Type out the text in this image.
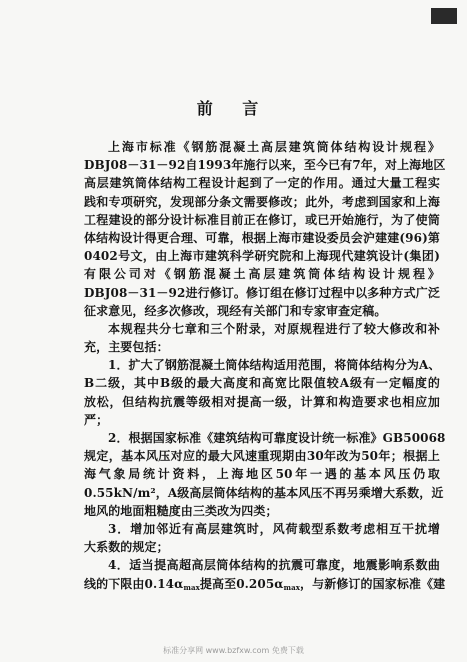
前 言
上海市标准《钢筋混凝土高层建筑筒体结构设计规程》
DBJ08－31－92自1993年施行以来，至今已有7年，对上海地区
高层建筑筒体结构工程设计起到了一定的作用。通过大量工程实
践和专项研究，发现部分条文需要修改；此外，考虑到国家和上海
工程建设的部分设计标准目前正在修订，或已开始施行，为了使筒
体结构设计得更合理、可靠，根据上海市建设委员会沪建建(96)第
0402号文，由上海市建筑科学研究院和上海现代建筑设计(集团)
有限公司对《钢筋混凝土高层建筑筒体结构设计规程》
DBJ08－31－92进行修订。修订组在修订过程中以多种方式广泛
征求意见，经多次修改，现经有关部门和专家审查定稿。
本规程共分七章和三个附录，对原规程进行了较大修改和补
充，主要包括：
1．扩大了钢筋混凝土筒体结构适用范围，将筒体结构分为A、
B二级，其中B级的最大高度和高宽比限值较A级有一定幅度的
放松，但结构抗震等级相对提高一级，计算和构造要求也相应加
严；
2．根据国家标准《建筑结构可靠度设计统一标准》GB50068
规定，基本风压对应的最大风速重现期由30年改为50年；根据上
海气象局统计资料，上海地区50年一遇的基本风压仍取
0.55kN/m²，A级高层筒体结构的基本风压不再另乘增大系数，近
地风的地面粗糙度由三类改为四类；
3．增加邻近有高层建筑时，风荷载型系数考虑相互干扰增
大系数的规定；
4．适当提高超高层筒体结构的抗震可靠度，地震影响系数曲
线的下限由$0.14\alpha_{max}$提高至$0.205\alpha_{max}$，与新修订的国家标准《建
标准分享网 www.bzfxw.com 免费下载
